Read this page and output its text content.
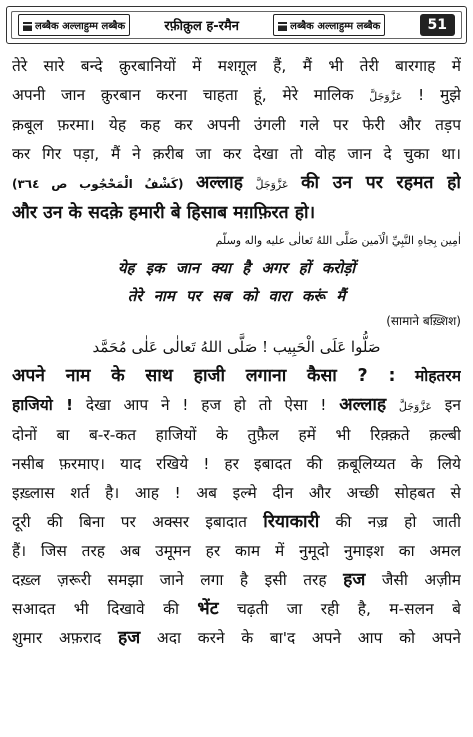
लब्बैक अल्लाहुम्म लब्बैक	रफ़ीक़ुल ह-रमैन	लब्बैक अल्लाहुम्म लब्बैक	51
तेरे सारे बन्दे क़ुरबानियों में मशग़ूल हैं, मैं भी तेरी बारगाह में
अपनी जान क़ुरबान करना चाहता हूं, मेरे मालिक عَزَّوَجَلَّ ! मुझे
क़बूल फ़रमा। येह कह कर अपनी उंगली गले पर फेरी और तड़प
कर गिर पड़ा, मैं ने क़रीब जा कर देखा तो वोह जान दे चुका था।
(كَشْفُ الْمَحْجُوب ص ٣٦٤) अल्लाह عَزَّوَجَلَّ की उन पर रहमत हो
और उन के सदक़े हमारी बे हिसाब मग़फ़िरत हो।
اٰمِين بِجاهِ النَّبِيِّ الْاَمين صَلَّى اللهُ تَعالٰى عليه واله وسلّم
येह इक जान क्या है अगर हों करोड़ों
तेरे नाम पर सब को वारा करूं मैं
(सामाने बख़्शिश)
صَلُّوا عَلَى الْحَبِيب ! صَلَّى اللهُ تَعالٰى عَلٰى مُحَمَّد
अपने नाम के साथ हाजी लगाना कैसा ? : मोहतरम
हाजियो ! देखा आप ने ! हज हो तो ऐसा ! अल्लाह عَزَّوَجَلَّ इन
दोनों बा ब-र-कत हाजियों के तुफ़ैल हमें भी रिक़्क़ते क़ल्बी
नसीब फ़रमाए। याद रखिये ! हर इबादत की क़बूलिय्यत के लिये
इख़्लास शर्त है। आह ! अब इल्मे दीन और अच्छी सोहबत से
दूरी की बिना पर अक्सर इबादात रियाकारी की नज़्र हो जाती
हैं। जिस तरह अब उमूमन हर काम में नुमूदो नुमाइश का अमल
दख़्ल ज़रूरी समझा जाने लगा है इसी तरह हज जैसी अज़ीम
सआदत भी दिखावे की भेंट चढ़ती जा रही है, म-सलन बे
शुमार अफ़राद हज अदा करने के बा'द अपने आप को अपने
